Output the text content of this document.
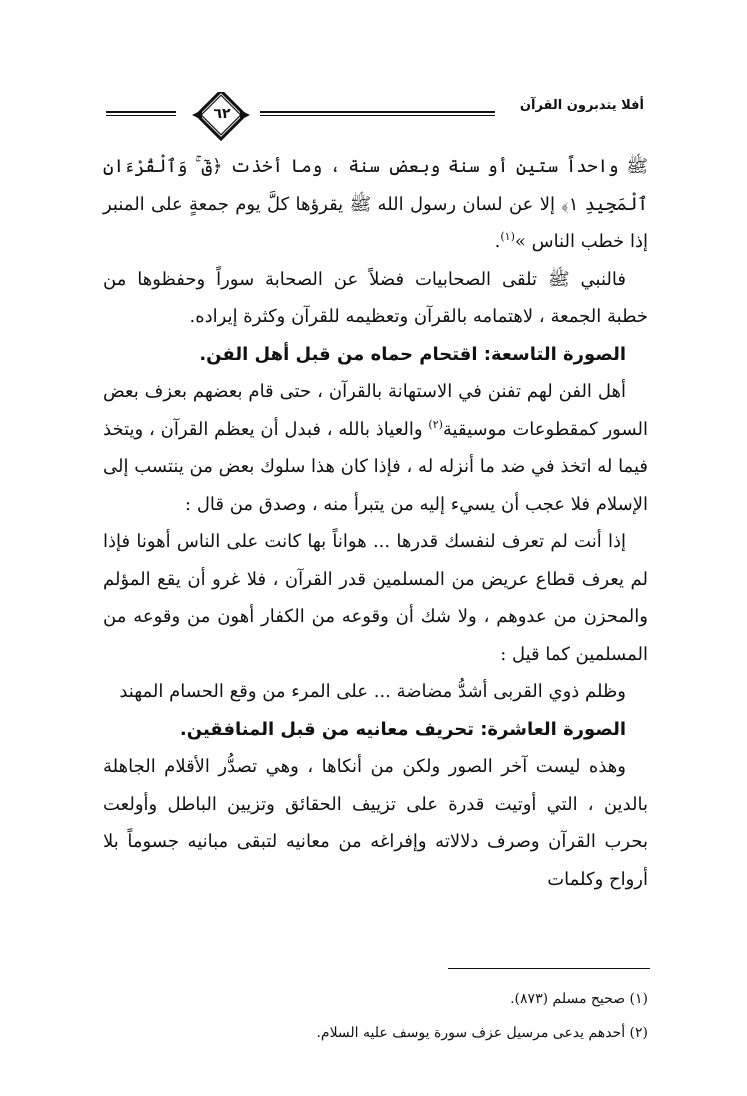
٦٢
أفلا يتدبرون القرآن

ﷺ واحداً ستين أو سنة وبعض سنة ، وما أخذت ﴿قٓ ۚ وَٱلْقُرْءَانِ ٱلْمَجِيدِ ١﴾ إلا عن لسان رسول الله ﷺ يقرؤها كلَّ يوم جمعةٍ على المنبر إذا خطب الناس »$^{(١)}$.

فالنبي ﷺ تلقى الصحابيات فضلاً عن الصحابة سوراً وحفظوها من خطبة الجمعة ، لاهتمامه بالقرآن وتعظيمه للقرآن وكثرة إيراده.

الصورة التاسعة: اقتحام حماه من قبل أهل الفن.

أهل الفن لهم تفنن في الاستهانة بالقرآن ، حتى قام بعضهم بعزف بعض السور كمقطوعات موسيقية$^{(٢)}$ والعياذ بالله ، فبدل أن يعظم القرآن ، ويتخذ فيما له اتخذ في ضد ما أنزله له ، فإذا كان هذا سلوك بعض من ينتسب إلى الإسلام فلا عجب أن يسيء إليه من يتبرأ منه ، وصدق من قال :

إذا أنت لم تعرف لنفسك قدرها ... هواناً بها كانت على الناس أهونا فإذا لم يعرف قطاع عريض من المسلمين قدر القرآن ، فلا غرو أن يقع المؤلم والمحزن من عدوهم ، ولا شك أن وقوعه من الكفار أهون من وقوعه من المسلمين كما قيل :

وظلم ذوي القربى أشدُّ مضاضة ... على المرء من وقع الحسام المهند

الصورة العاشرة: تحريف معانيه من قبل المنافقين.

وهذه ليست آخر الصور ولكن من أنكاها ، وهي تصدُّر الأقلام الجاهلة بالدين ، التي أوتيت قدرة على تزييف الحقائق وتزيين الباطل وأولعت بحرب القرآن وصرف دلالاته وإفراغه من معانيه لتبقى مبانيه جسوماً بلا أرواح وكلمات

(١) صحيح مسلم (٨٧٣).

(٢) أحدهم يدعى مرسيل عزف سورة يوسف عليه السلام.
